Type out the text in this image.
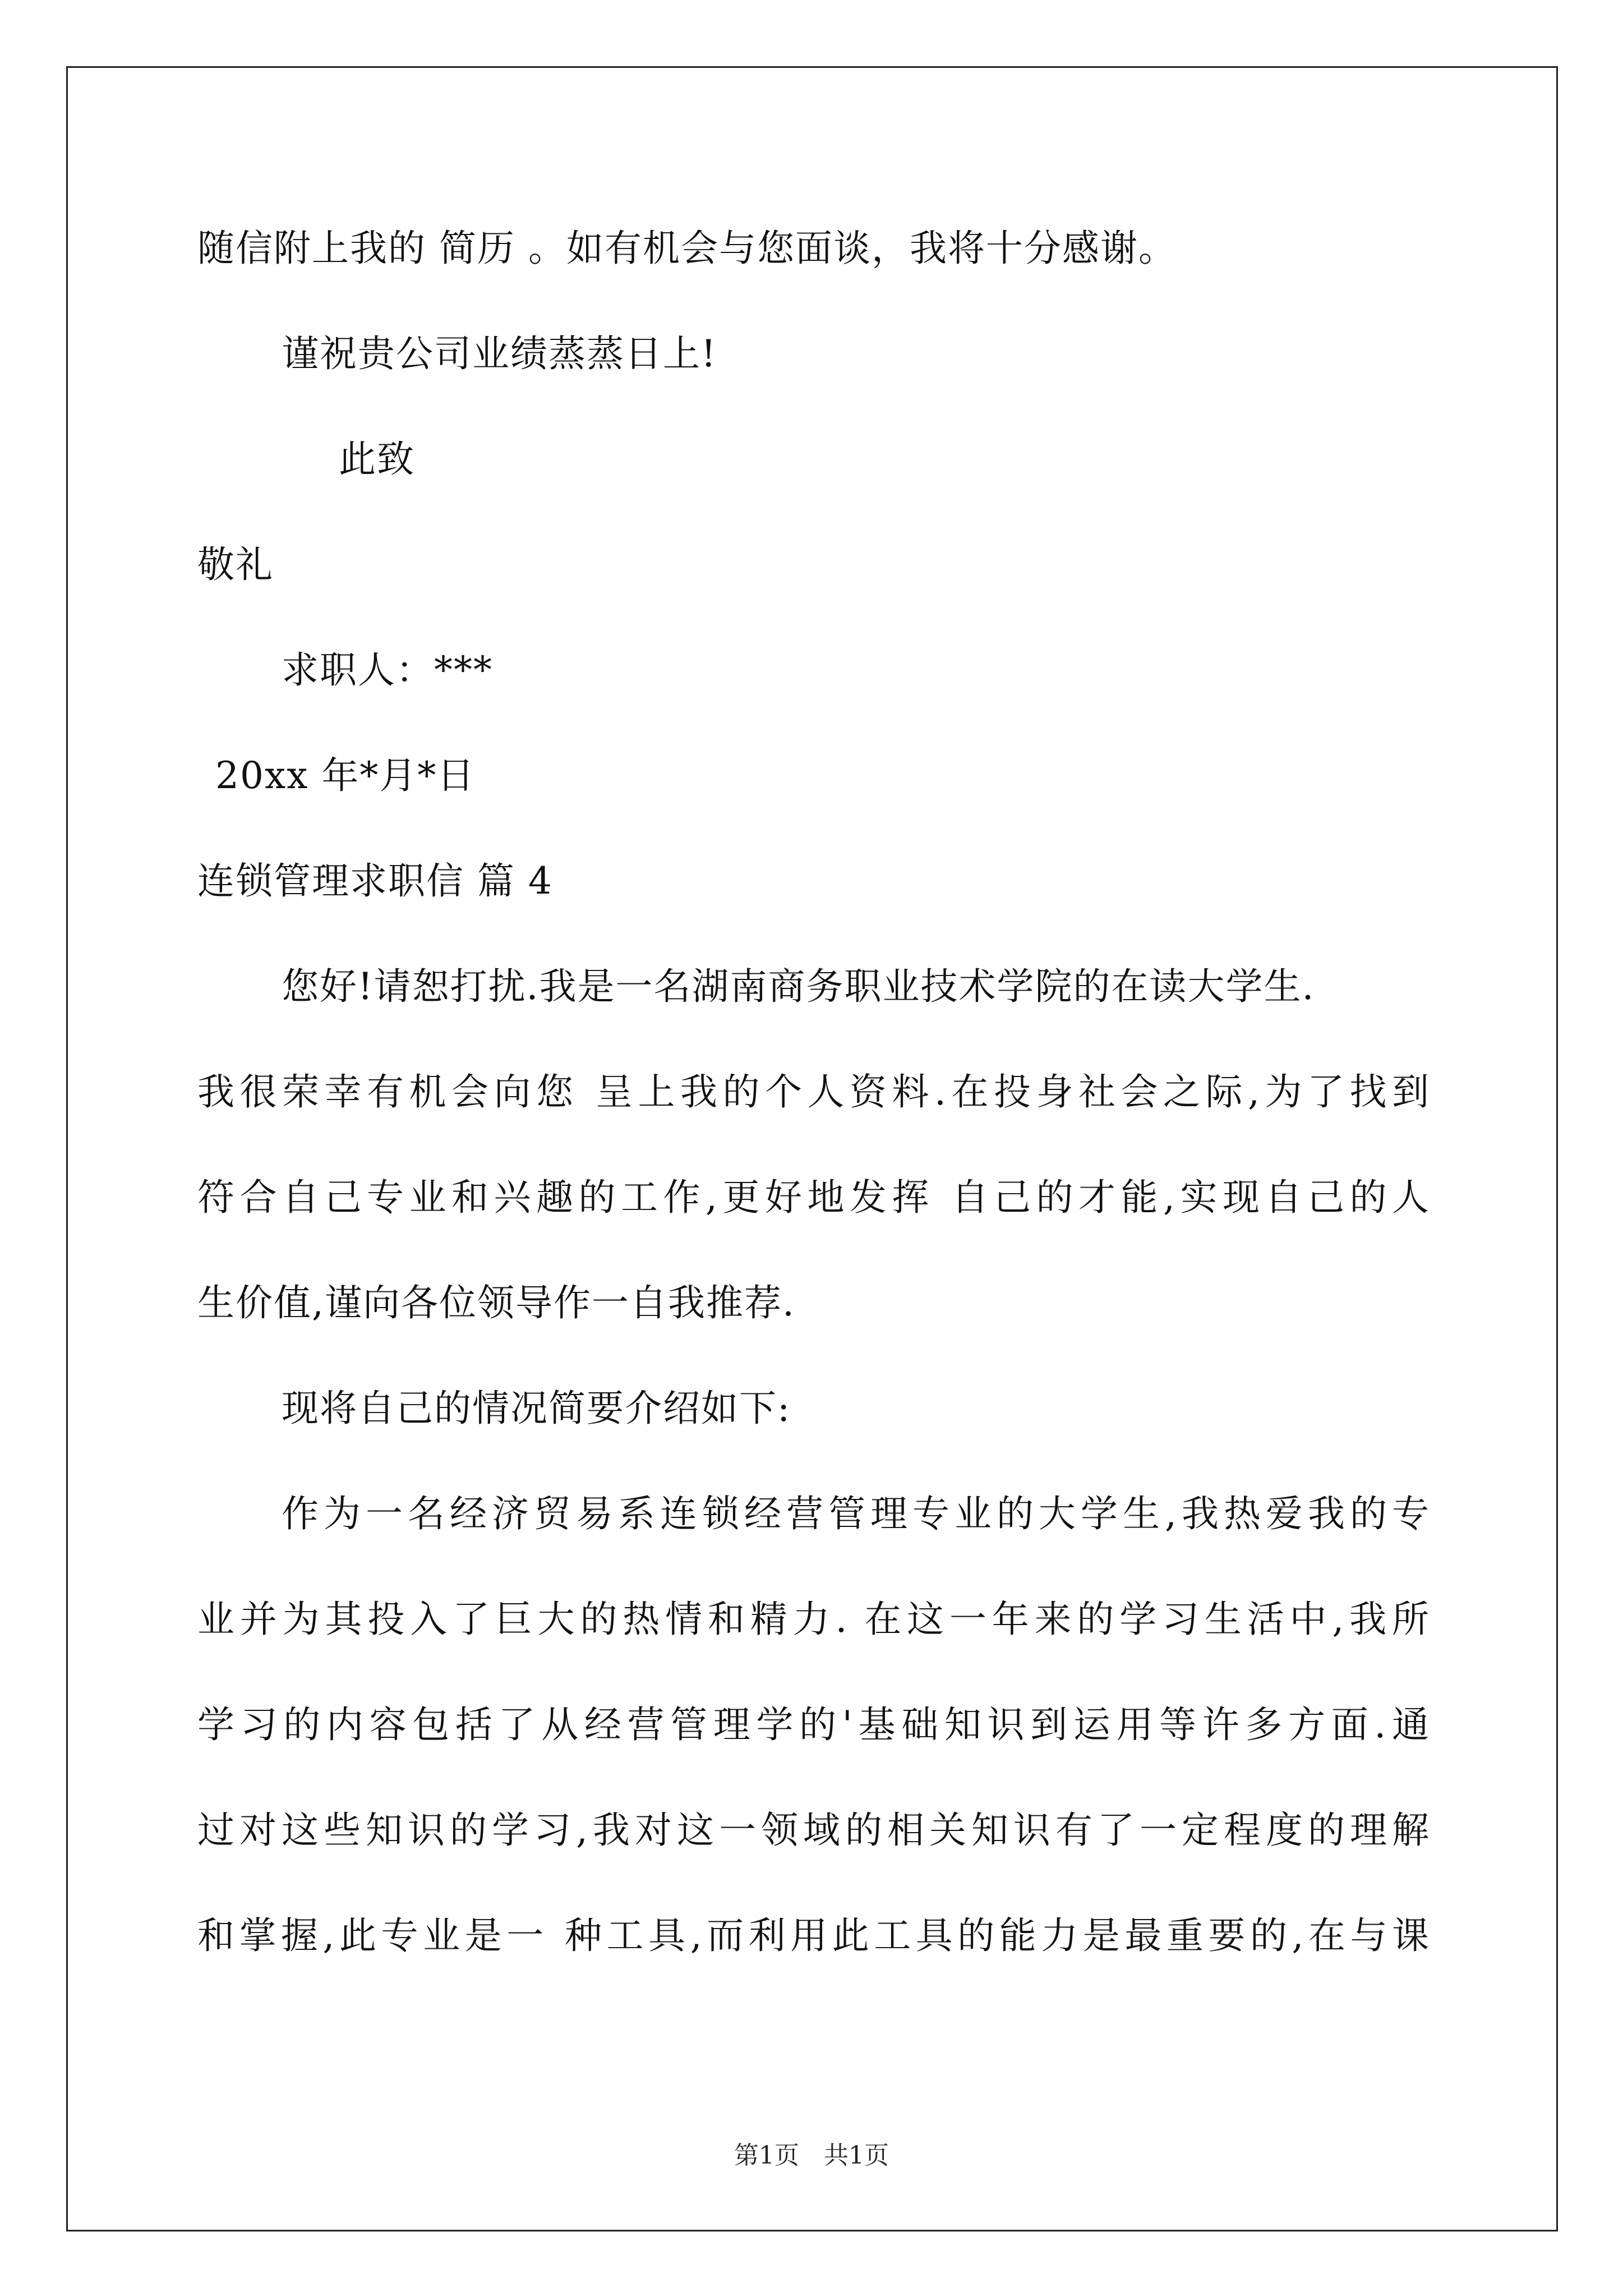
随信附上我的 简历 。如有机会与您面谈，我将十分感谢。
谨祝贵公司业绩蒸蒸日上!
此致
敬礼
求职人：***
20xx 年*月*日
连锁管理求职信 篇 4
您好!请恕打扰.我是一名湖南商务职业技术学院的在读大学生.
我很荣幸有机会向您 呈上我的个人资料.在投身社会之际,为了找到
符合自己专业和兴趣的工作,更好地发挥 自己的才能,实现自己的人
生价值,谨向各位领导作一自我推荐.
现将自己的情况简要介绍如下:
作为一名经济贸易系连锁经营管理专业的大学生,我热爱我的专
业并为其投入了巨大的热情和精力. 在这一年来的学习生活中,我所
学习的内容包括了从经营管理学的'基础知识到运用等许多方面.通
过对这些知识的学习,我对这一领域的相关知识有了一定程度的理解
和掌握,此专业是一 种工具,而利用此工具的能力是最重要的,在与课
第1页　共1页
